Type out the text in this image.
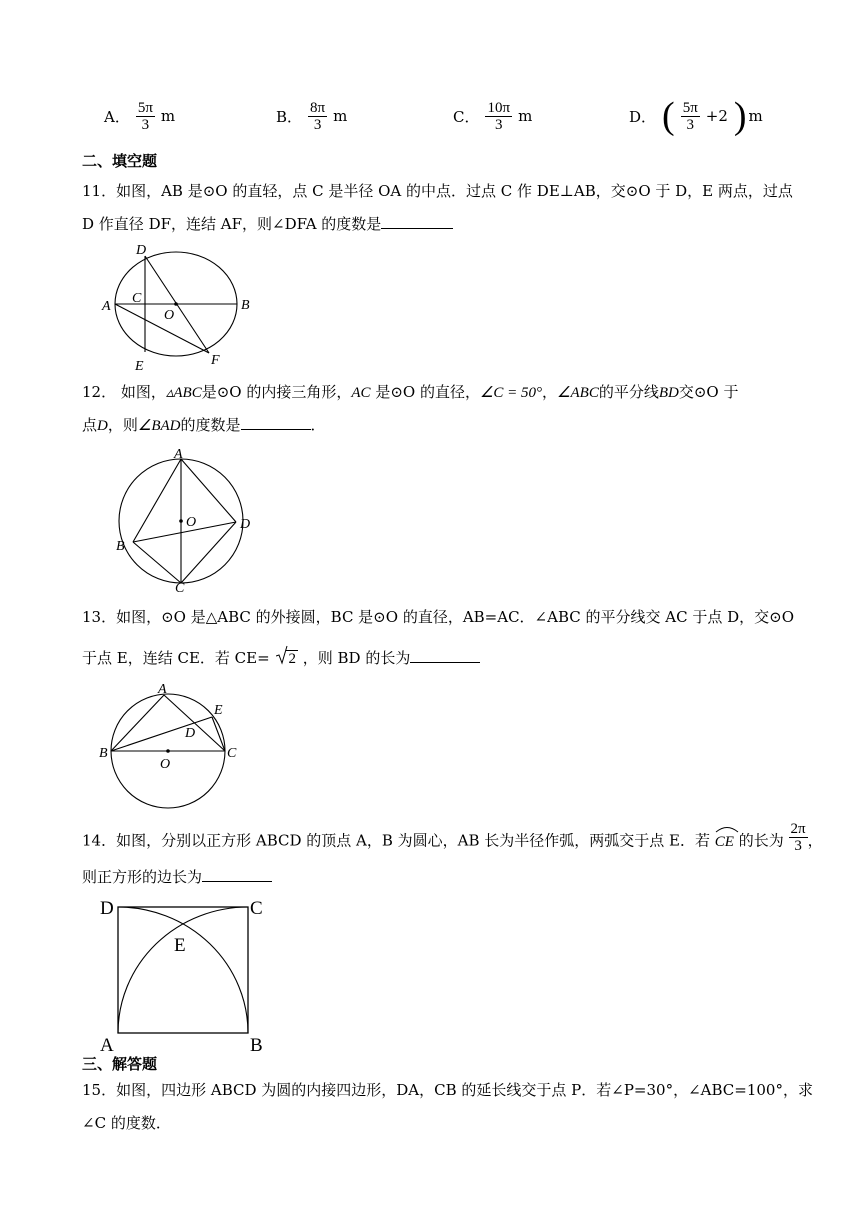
A． $\frac{5\pi}{3}$ m	B． $\frac{8\pi}{3}$ m	C． $\frac{10\pi}{3}$ m	D． ( $\frac{5\pi}{3} +2$ ) m
二、填空题
11．如图，AB 是⊙O 的直轻，点 C 是半径 OA 的中点．过点 C 作 DE⊥AB，交⊙O 于 D，E 两点，过点
D 作直径 DF，连结 AF，则∠DFA 的度数是
A	B
C
D
E	F
O
12． 如图，▵ABC是⊙O 的内接三角形，AC 是⊙O 的直径，∠C = 50°，∠ABC的平分线BD交⊙O 于
点D，则∠BAD的度数是	．
A
B
C
D
O
13．如图，⊙O 是△ABC 的外接圆，BC 是⊙O 的直径，AB=AC．∠ABC 的平分线交 AC 于点 D，交⊙O
于点 E，连结 CE．若 CE= 2 ，则 BD 的长为
A
B	C
D
E
O
14．如图，分别以正方形 ABCD 的顶点 A，B 为圆心，AB 长为半径作弧，两弧交于点 E．若 CE 的长为 $\frac{2\pi}{3}$ ，
则正方形的边长为
D	C
A	B
E
三、解答题
15．如图，四边形 ABCD 为圆的内接四边形，DA，CB 的延长线交于点 P．若∠P=30°，∠ABC=100°，求
∠C 的度数．
